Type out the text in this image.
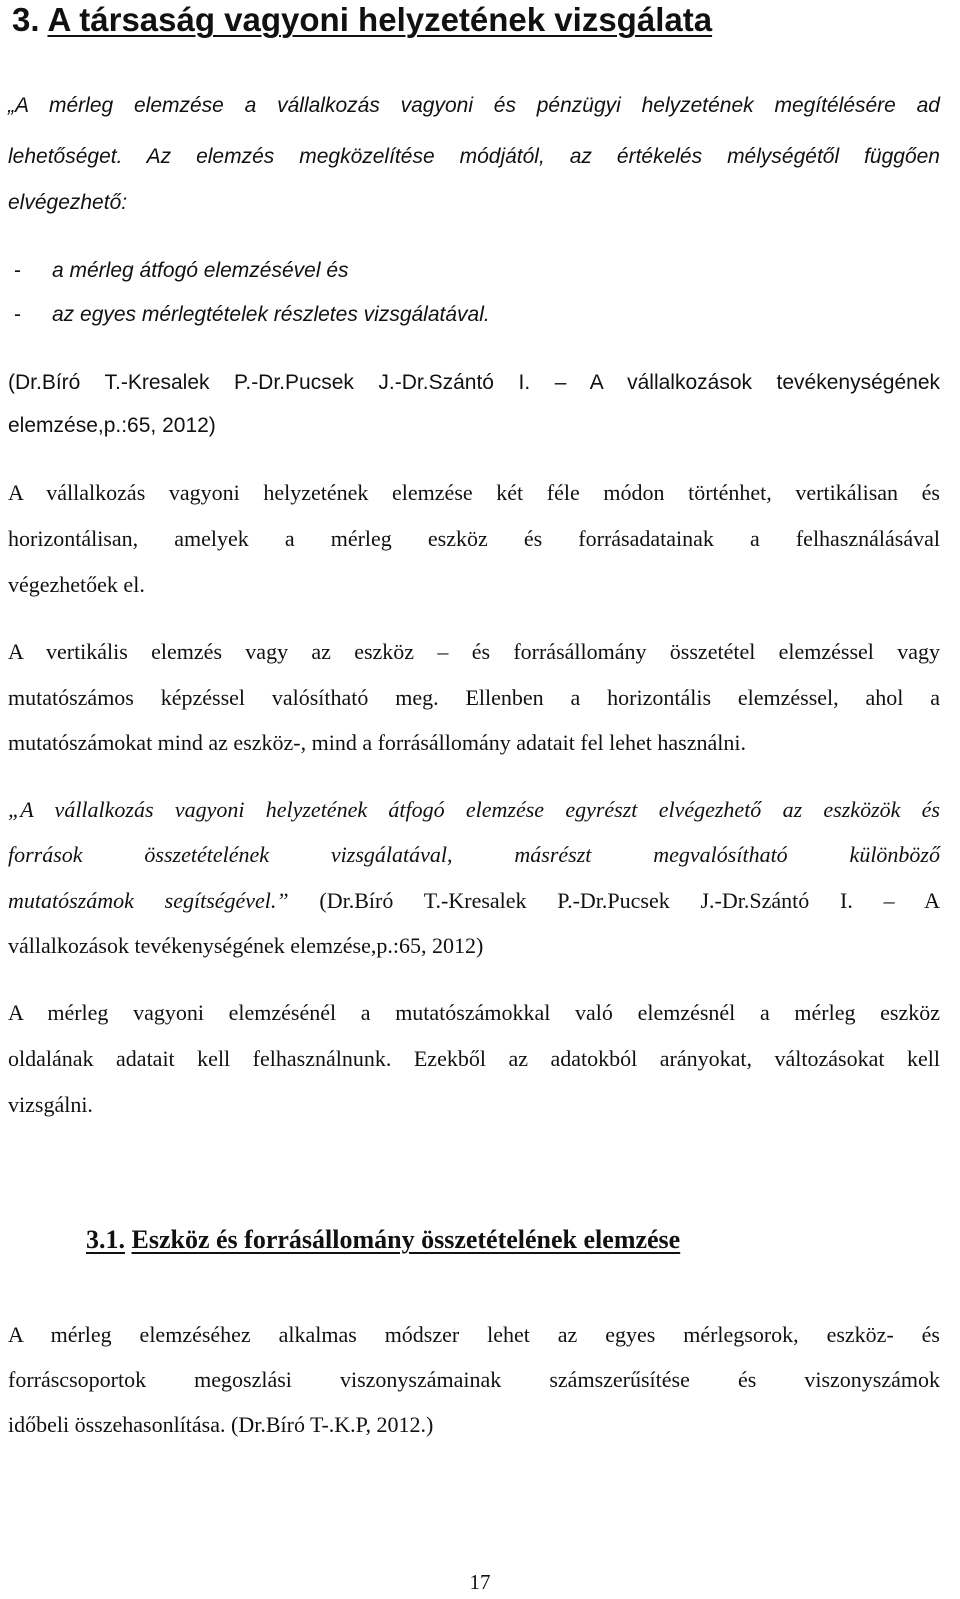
3. A társaság vagyoni helyzetének vizsgálata

„A mérleg elemzése a vállalkozás vagyoni és pénzügyi helyzetének megítélésére ad

lehetőséget. Az elemzés megközelítése módjától, az értékelés mélységétől függően

elvégezhető:

- a mérleg átfogó elemzésével és
- az egyes mérlegtételek részletes vizsgálatával.

(Dr.Bíró T.-Kresalek P.-Dr.Pucsek J.-Dr.Szántó I. – A vállalkozások tevékenységének

elemzése,p.:65, 2012)

A vállalkozás vagyoni helyzetének elemzése két féle módon történhet, vertikálisan és

horizontálisan, amelyek a mérleg eszköz és forrásadatainak a felhasználásával

végezhetőek el.

A vertikális elemzés vagy az eszköz – és forrásállomány összetétel elemzéssel vagy

mutatószámos képzéssel valósítható meg. Ellenben a horizontális elemzéssel, ahol a

mutatószámokat mind az eszköz-, mind a forrásállomány adatait fel lehet használni.

„A vállalkozás vagyoni helyzetének átfogó elemzése egyrészt elvégezhető az eszközök és

források összetételének vizsgálatával, másrészt megvalósítható különböző

mutatószámok segítségével.” (Dr.Bíró T.-Kresalek P.-Dr.Pucsek J.-Dr.Szántó I. – A

vállalkozások tevékenységének elemzése,p.:65, 2012)

A mérleg vagyoni elemzésénél a mutatószámokkal való elemzésnél a mérleg eszköz

oldalának adatait kell felhasználnunk. Ezekből az adatokból arányokat, változásokat kell

vizsgálni.

3.1. Eszköz és forrásállomány összetételének elemzése

A mérleg elemzéséhez alkalmas módszer lehet az egyes mérlegsorok, eszköz- és

forráscsoportok megoszlási viszonyszámainak számszerűsítése és viszonyszámok

időbeli összehasonlítása. (Dr.Bíró T-.K.P, 2012.)

17
